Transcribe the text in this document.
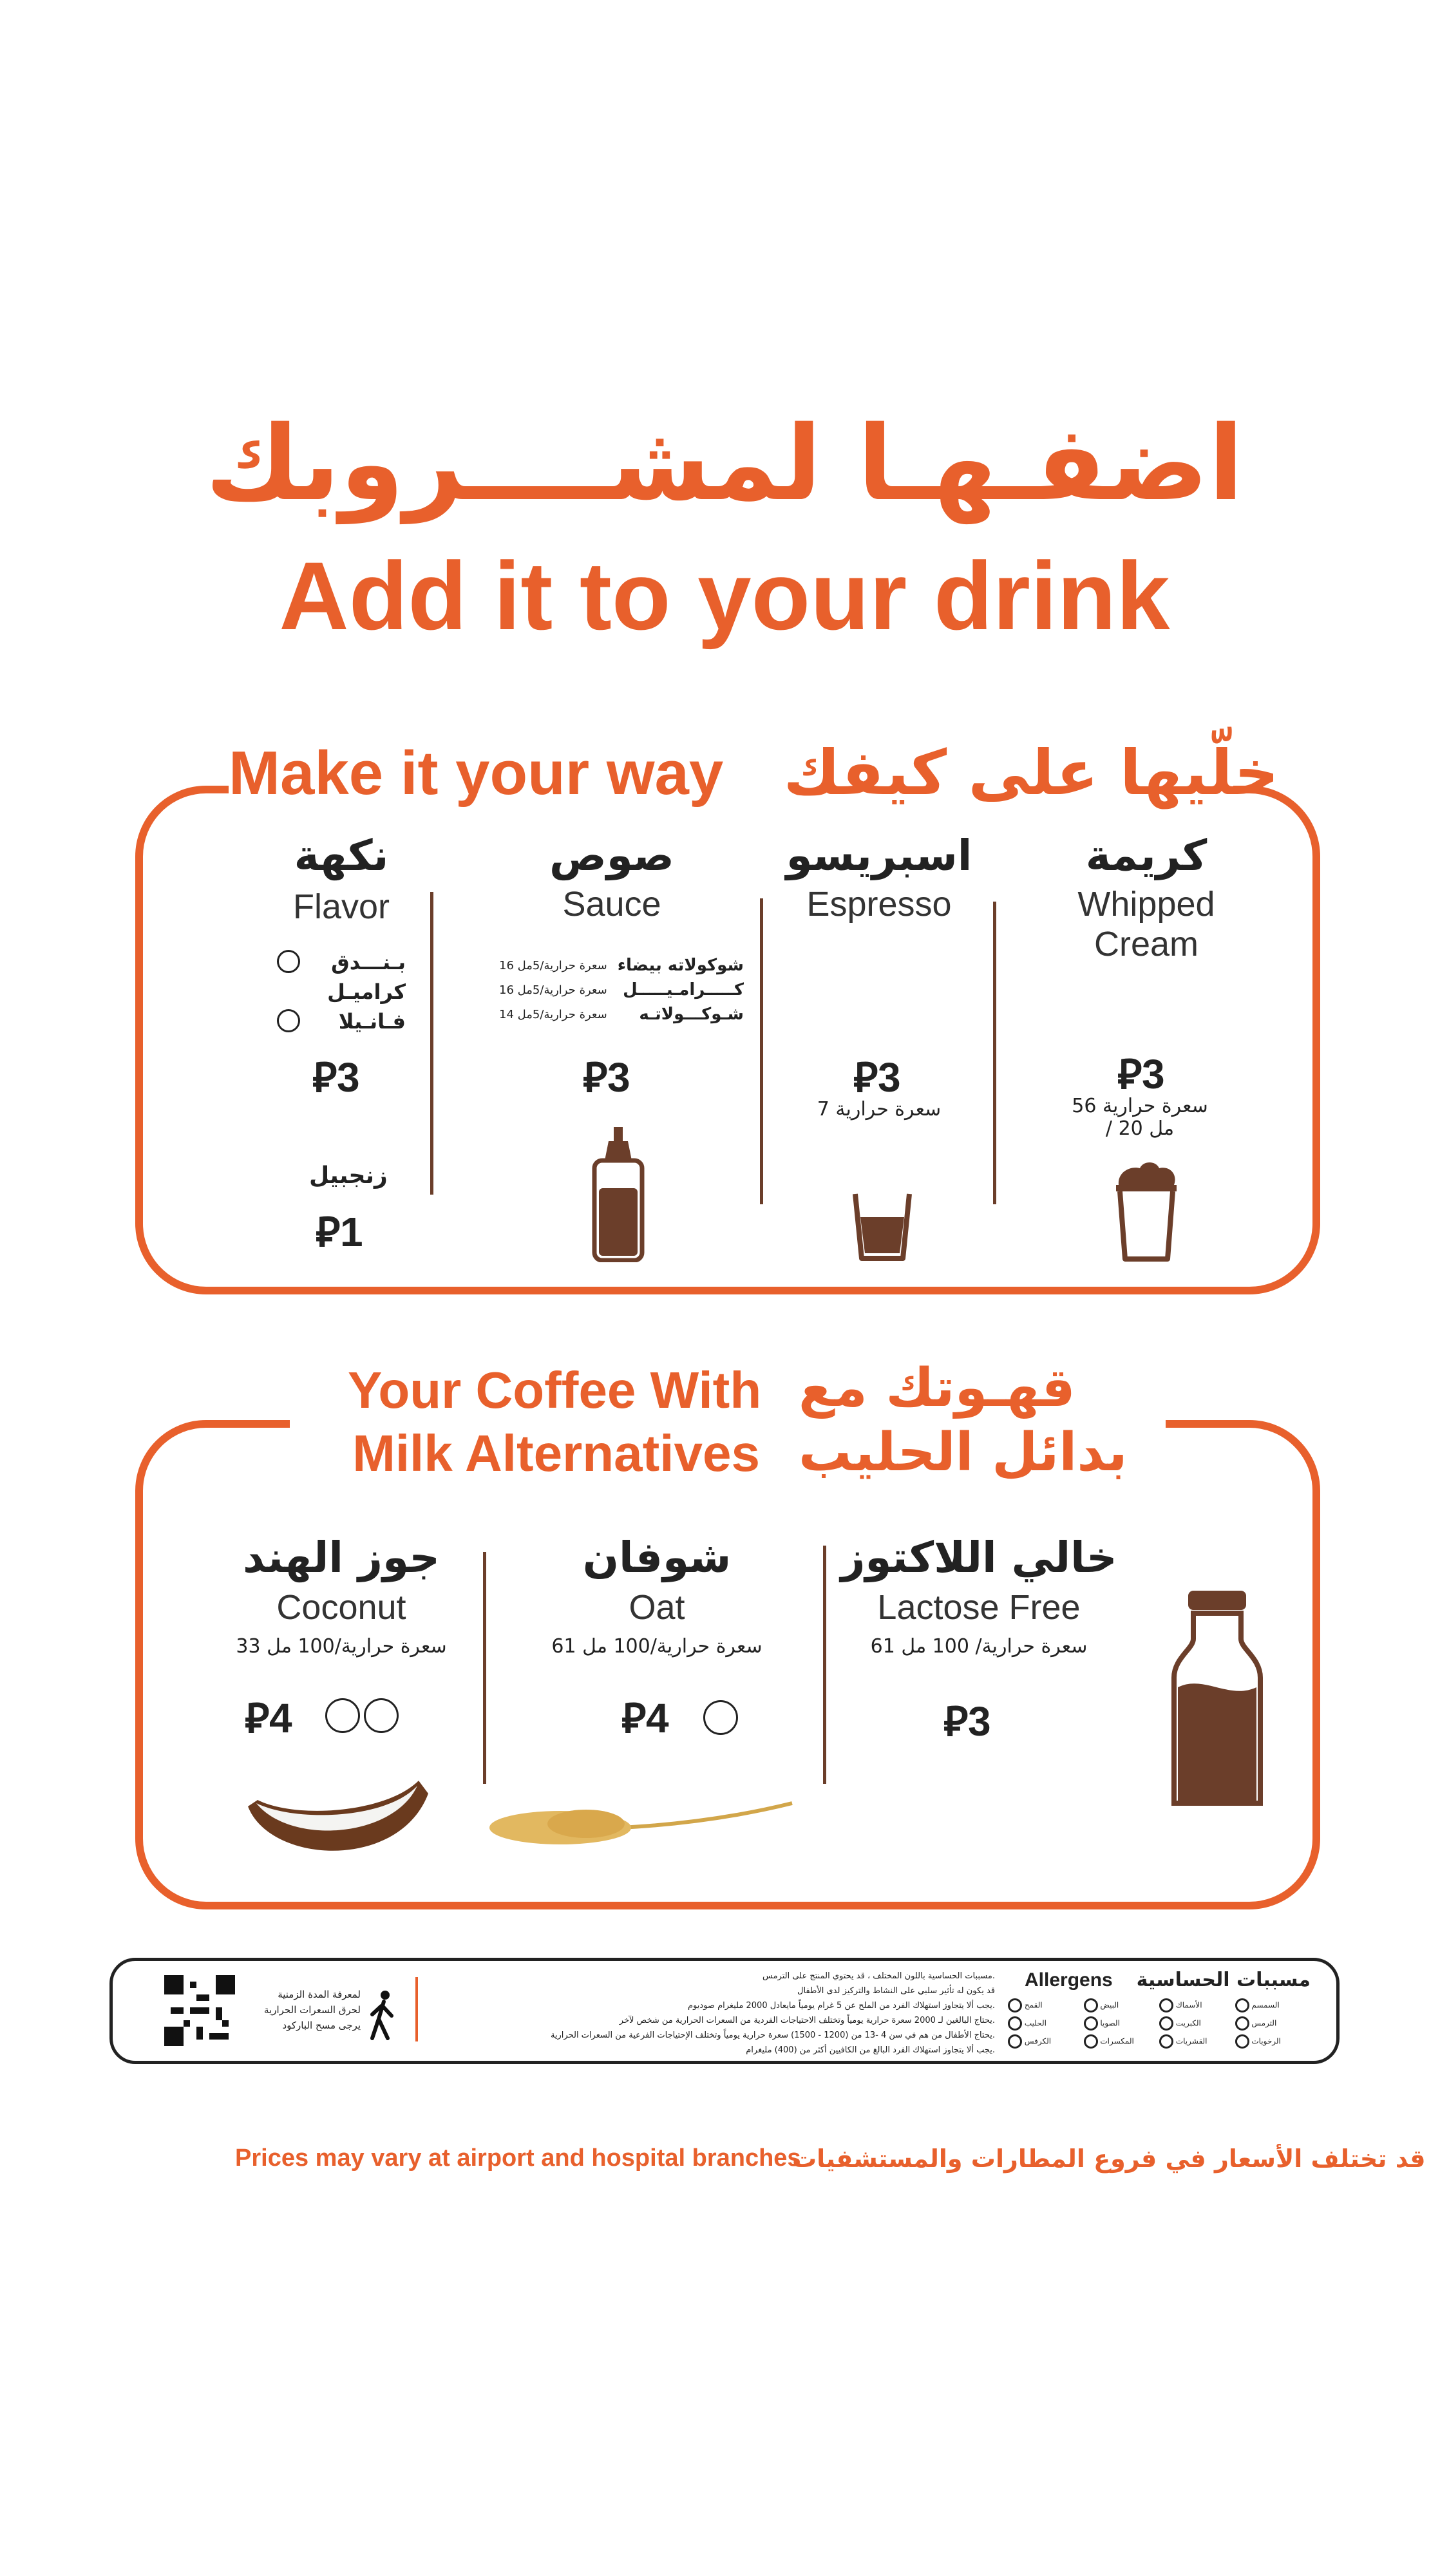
اضفـهـا لمشــــروبك
Add it to your drink
Make it your way خلّيها على كيفك
نكهة
Flavor
بـنـــدق
كراميـل
فـانـيلا
⃁3
زنجبيل
⃁1
صوص
Sauce
16 سعرة حرارية/5مل شوكولاته بيضاء
16 سعرة حرارية/5مل كـــــرامـيـــــل
14 سعرة حرارية/5مل شـوكـــولاتـه
⃁3
اسبريسو
Espresso
⃁3
7 سعرة حرارية
كريمة
Whipped
Cream
⃁3
56 سعرة حرارية
/ 20 مل
Your Coffee With
Milk Alternatives
قهـوتك مع
بدائل الحليب
جوز الهند
Coconut
33 سعرة حرارية/100 مل
⃁4
شوفان
Oat
61 سعرة حرارية/100 مل
⃁4
خالي اللاكتوز
Lactose Free
61 سعرة حرارية/ 100 مل
⃁3
Allergens مسببات الحساسية
القمح	البيض	الأسماك	السمسم
الحليب	الصويا	الكبريت	الترمس
الكرفس	المكسرات	القشريات	الرخويات
مسببات الحساسية باللون المختلف ، قد يحتوي المنتج على الترمس.
قد يكون له تأثير سلبي على النشاط والتركيز لدى الأطفال
يجب ألا يتجاوز استهلاك الفرد من الملح عن 5 غرام يومياً مايعادل 2000 مليغرام صوديوم.
يحتاج البالغين لـ 2000 سعرة حرارية يومياً وتختلف الاحتياجات الفردية من السعرات الحرارية من شخص لآخر.
يحتاج الأطفال من هم في سن 4 -13 من (1200 - 1500) سعرة حرارية يومياً وتختلف الإحتياجات الفرعية من السعرات الحرارية.
يجب ألا يتجاوز استهلاك الفرد البالغ من الكافيين أكثر من (400) مليغرام.
لمعرفة المدة الزمنية
لحرق السعرات الحرارية
يرجى مسح الباركود
Prices may vary at airport and hospital branches
قد تختلف الأسعار في فروع المطارات والمستشفيات
